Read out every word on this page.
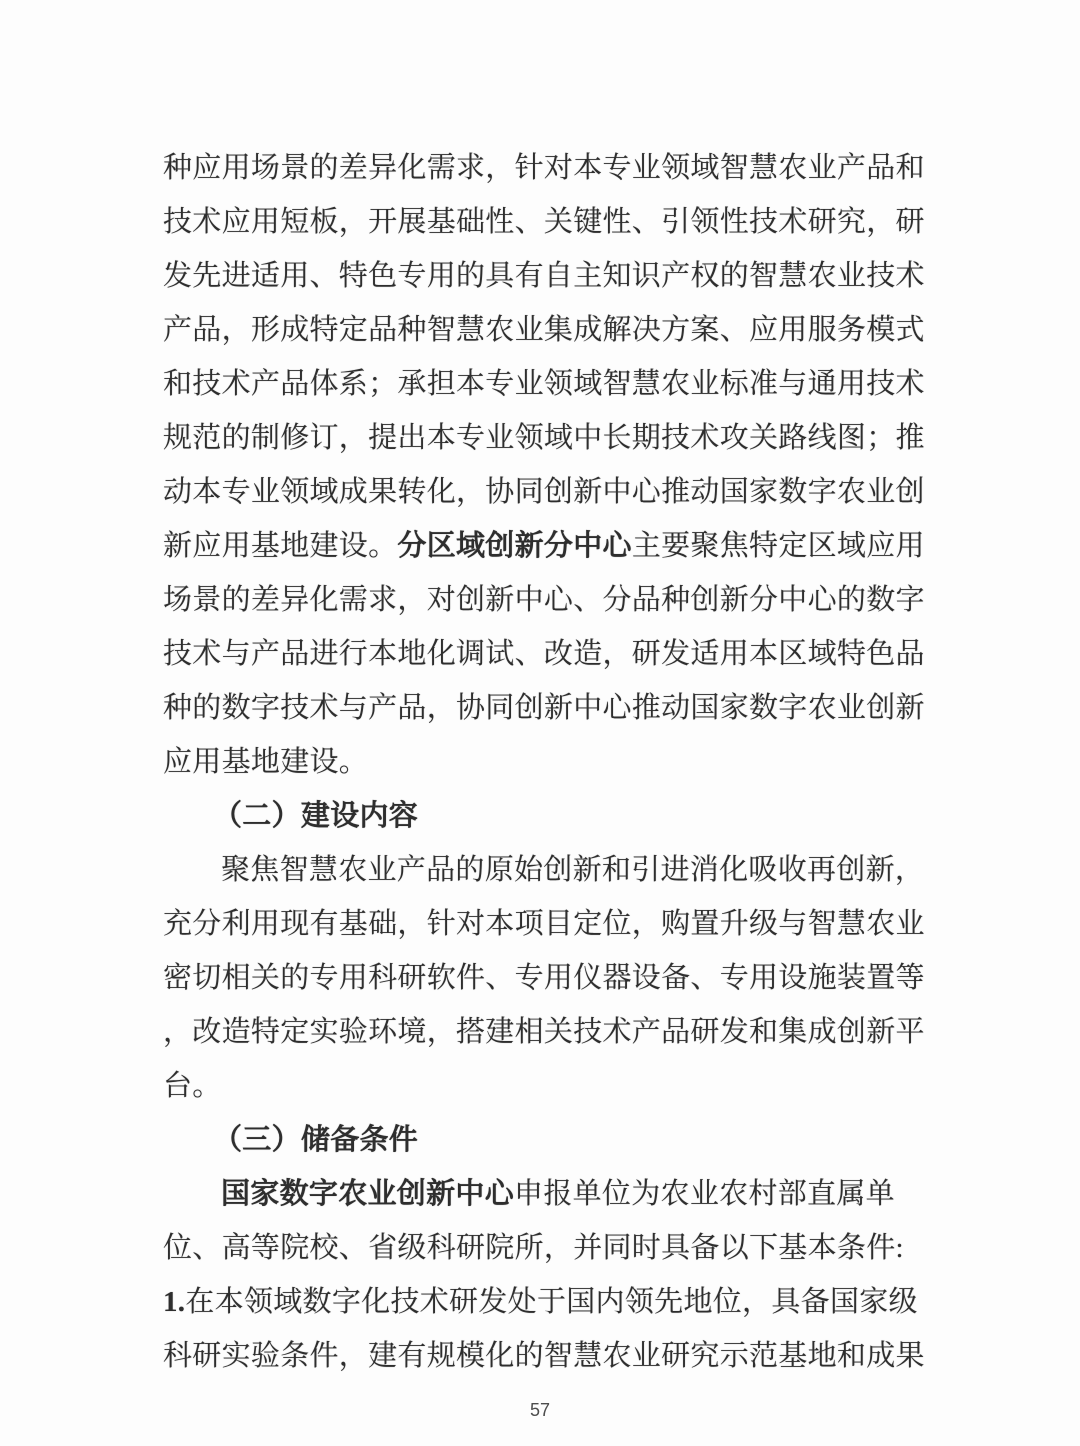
种应用场景的差异化需求，针对本专业领域智慧农业产品和
技术应用短板，开展基础性、关键性、引领性技术研究，研
发先进适用、特色专用的具有自主知识产权的智慧农业技术
产品，形成特定品种智慧农业集成解决方案、应用服务模式
和技术产品体系；承担本专业领域智慧农业标准与通用技术
规范的制修订，提出本专业领域中长期技术攻关路线图；推
动本专业领域成果转化，协同创新中心推动国家数字农业创
新应用基地建设。分区域创新分中心主要聚焦特定区域应用
场景的差异化需求，对创新中心、分品种创新分中心的数字
技术与产品进行本地化调试、改造，研发适用本区域特色品
种的数字技术与产品，协同创新中心推动国家数字农业创新
应用基地建设。
（二）建设内容
聚焦智慧农业产品的原始创新和引进消化吸收再创新，
充分利用现有基础，针对本项目定位，购置升级与智慧农业
密切相关的专用科研软件、专用仪器设备、专用设施装置等
，改造特定实验环境，搭建相关技术产品研发和集成创新平
台。
（三）储备条件
国家数字农业创新中心申报单位为农业农村部直属单
位、高等院校、省级科研院所，并同时具备以下基本条件:
1.在本领域数字化技术研发处于国内领先地位，具备国家级
科研实验条件，建有规模化的智慧农业研究示范基地和成果
57
